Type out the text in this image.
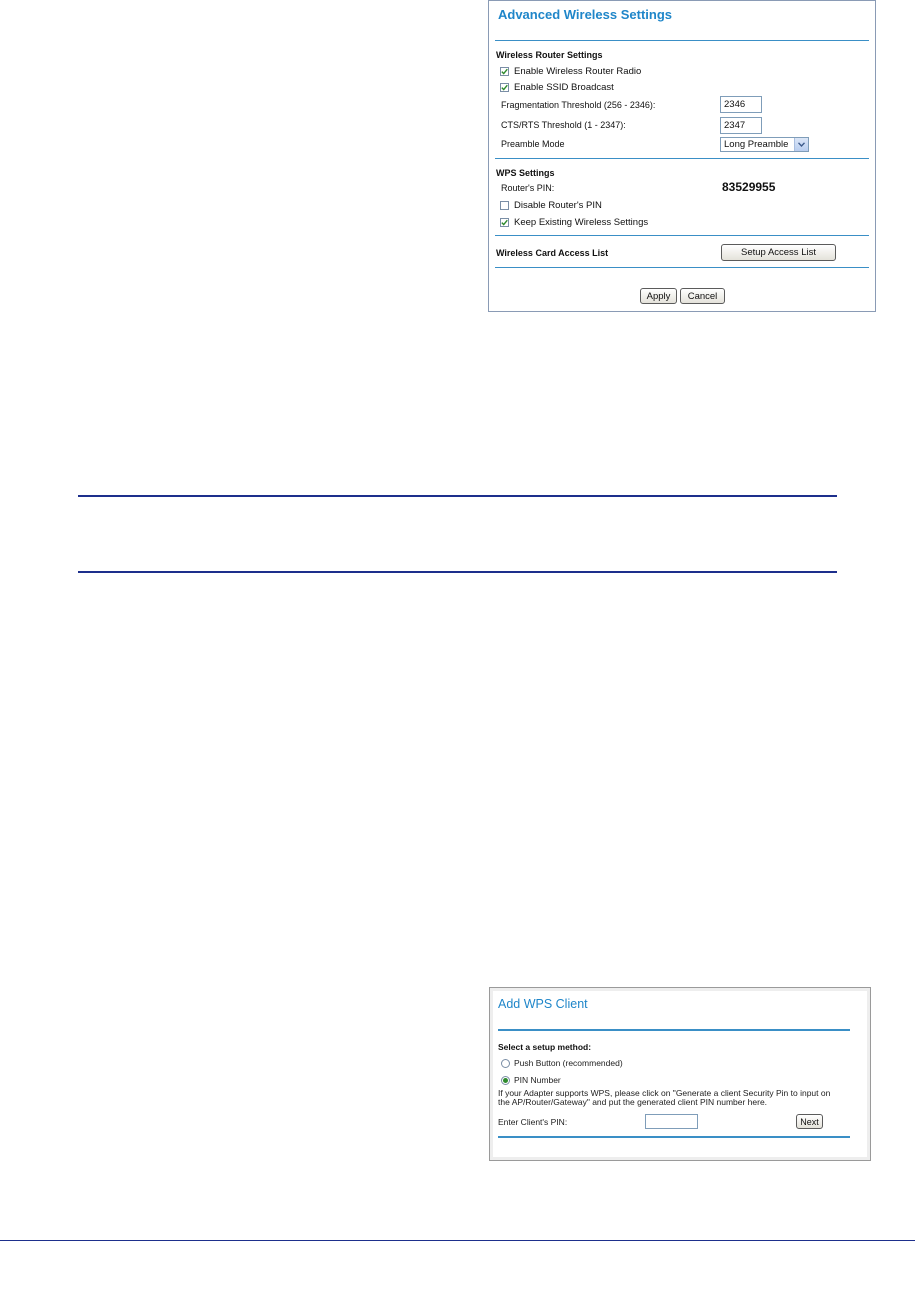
Advanced Wireless Settings
Wireless Router Settings
Enable Wireless Router Radio
Enable SSID Broadcast
Fragmentation Threshold (256 - 2346):
2346
CTS/RTS Threshold (1 - 2347):
2347
Preamble Mode	Long Preamble
WPS Settings
Router's PIN:	83529955
Disable Router's PIN
Keep Existing Wireless Settings
Wireless Card Access List	Setup Access List
Apply	Cancel
Add WPS Client
Select a setup method:
Push Button (recommended)
PIN Number
If your Adapter supports WPS, please click on "Generate a client Security Pin to input on
the AP/Router/Gateway" and put the generated client PIN number here.
Enter Client's PIN:	Next
